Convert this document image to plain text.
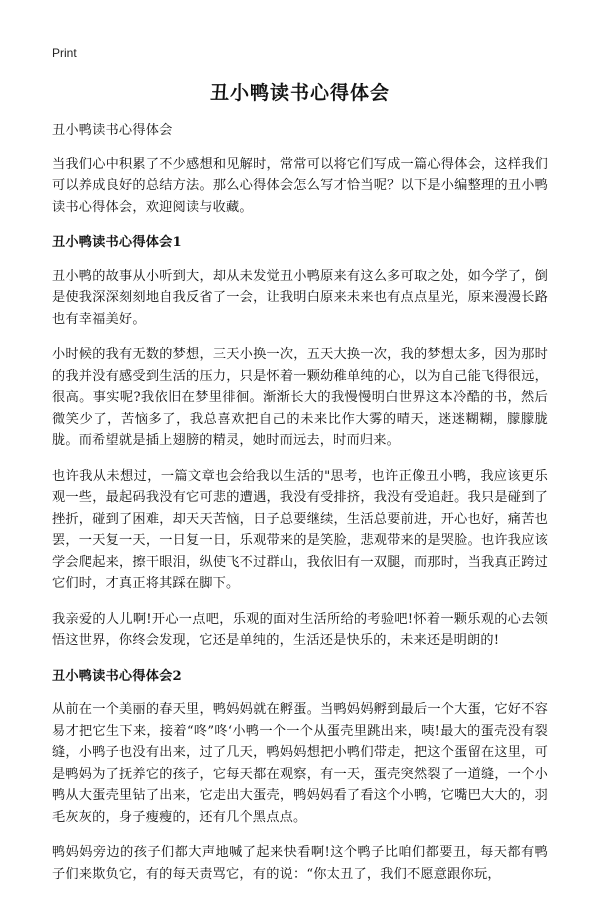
Print
丑小鸭读书心得体会

丑小鸭读书心得体会

当我们心中积累了不少感想和见解时，常常可以将它们写成一篇心得体会，这样我们可以养成良好的总结方法。那么心得体会怎么写才恰当呢？以下是小编整理的丑小鸭读书心得体会，欢迎阅读与收藏。

丑小鸭读书心得体会1

丑小鸭的故事从小听到大，却从未发觉丑小鸭原来有这么多可取之处，如今学了，倒是使我深深刻刻地自我反省了一会，让我明白原来未来也有点点星光，原来漫漫长路也有幸福美好。

小时候的我有无数的梦想，三天小换一次，五天大换一次，我的梦想太多，因为那时的我并没有感受到生活的压力，只是怀着一颗幼稚单纯的心，以为自己能飞得很远，很高。事实呢?我依旧在梦里徘徊。渐渐长大的我慢慢明白世界这本冷酷的书，然后微笑少了，苦恼多了，我总喜欢把自己的未来比作大雾的晴天，迷迷糊糊，朦朦胧胧。而希望就是插上翅膀的精灵，她时而远去，时而归来。

也许我从未想过，一篇文章也会给我以生活的"思考，也许正像丑小鸭，我应该更乐观一些，最起码我没有它可悲的遭遇，我没有受排挤，我没有受追赶。我只是碰到了挫折，碰到了困难，却天天苦恼，日子总要继续，生活总要前进，开心也好，痛苦也罢，一天复一天，一日复一日，乐观带来的是笑脸，悲观带来的是哭脸。也许我应该学会爬起来，擦干眼泪，纵使飞不过群山，我依旧有一双腿，而那时，当我真正跨过它们时，才真正将其踩在脚下。

我亲爱的人儿啊!开心一点吧，乐观的面对生活所给的考验吧!怀着一颗乐观的心去领悟这世界，你终会发现，它还是单纯的，生活还是快乐的，未来还是明朗的!

丑小鸭读书心得体会2

从前在一个美丽的春天里，鸭妈妈就在孵蛋。当鸭妈妈孵到最后一个大蛋，它好不容易才把它生下来，接着“咚”咚‘小鸭一个一个从蛋壳里跳出来，咦!最大的蛋壳没有裂缝，小鸭子也没有出来，过了几天，鸭妈妈想把小鸭们带走，把这个蛋留在这里，可是鸭妈为了抚养它的孩子，它每天都在观察，有一天，蛋壳突然裂了一道缝，一个小鸭从大蛋壳里钻了出来，它走出大蛋壳，鸭妈妈看了看这个小鸭，它嘴巴大大的，羽毛灰灰的，身子瘦瘦的，还有几个黑点点。

鸭妈妈旁边的孩子们都大声地喊了起来快看啊!这个鸭子比咱们都要丑，每天都有鸭子们来欺负它，有的每天责骂它，有的说：“你太丑了，我们不愿意跟你玩，
